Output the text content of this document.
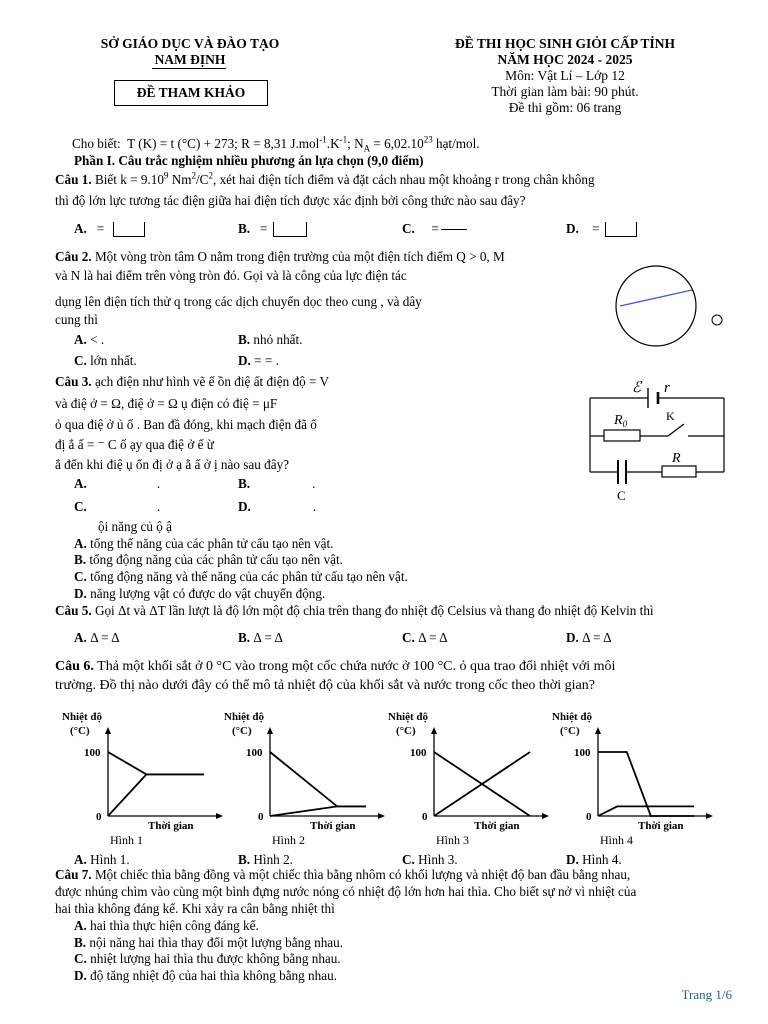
SỞ GIÁO DỤC VÀ ĐÀO TẠO
NAM ĐỊNH
ĐỀ THAM KHẢO
ĐỀ THI HỌC SINH GIỎI CẤP TỈNH
NĂM HỌC 2024 - 2025
Môn: Vật Lí – Lớp 12
Thời gian làm bài: 90 phút.
Đề thi gồm: 06 trang
Cho biết: T (K) = t (°C) + 273; R = 8,31 $J.mol^{-1}.K^{-1}$; $N_A = 6,02.10^{23}$ hạt/mol.
Phần I. Câu trắc nghiệm nhiều phương án lựa chọn (9,0 điểm)
Câu 1. Biết $k = 9.10^9$ $Nm^2/C^2$, xét hai điện tích điểm và đặt cách nhau một khoảng r trong chân không
thì độ lớn lực tương tác điện giữa hai điện tích được xác định bởi công thức nào sau đây?
A.   =	B.   =	C.     =	D.    =
Câu 2. Một vòng tròn tâm O nằm trong điện trường của một điện tích điểm Q > 0, M
và N là hai điểm trên vòng tròn đó. Gọi và là công của lực điện tác
dụng lên điện tích thử q trong các dịch chuyển dọc theo cung , và dây
cung thì
A. < .	B. nhỏ nhất.
C. lớn nhất.	D. = = .
Câu 3. ạch điện như hình vẽ ế ồn điệ ất điện độ = V
và điệ ở = Ω, điệ ở = Ω ụ điện có điệ = μF
ỏ qua điệ ở ủ ố . Ban đầ đóng, khi mạch điện đã ổ
đị ắ ấ = ⁻ C ố ạy qua điệ ở ế ừ
ắ đến khi điệ ụ ổn đị ở ạ ằ ấ ở ị nào sau đây?
A.	.	B.	.
C.	.	D.	.
ℰ r
$R_0$
K
R
C
ội năng củ ộ ậ
A. tổng thế năng của các phân tử cấu tạo nên vật.
B. tổng động năng của các phân tử cấu tạo nên vật.
C. tổng động năng và thế năng của các phân tử cấu tạo nên vật.
D. năng lượng vật có được do vật chuyển động.
Câu 5. Gọi Δt và ΔT lần lượt là độ lớn một độ chia trên thang đo nhiệt độ Celsius và thang đo nhiệt độ Kelvin thì
A. Δ = Δ	B. Δ = Δ	C. Δ = Δ	D. Δ = Δ
Câu 6. Thả một khối sắt ở 0 °C vào trong một cốc chứa nước ở 100 °C. ỏ qua trao đổi nhiệt với môi
trường. Đồ thị nào dưới đây có thể mô tả nhiệt độ của khối sắt và nước trong cốc theo thời gian?
Nhiệt độ
(°C)
100
0
Thời gian
Hình 1
Nhiệt độ
(°C)
100
0
Thời gian
Hình 2
Nhiệt độ
(°C)
100
0
Thời gian
Hình 3
Nhiệt độ
(°C)
100
0
Thời gian
Hình 4
A. Hình 1.	B. Hình 2.	C. Hình 3.	D. Hình 4.
Câu 7. Một chiếc thìa bằng đồng và một chiếc thìa bằng nhôm có khối lượng và nhiệt độ ban đầu bằng nhau,
được nhúng chìm vào cùng một bình đựng nước nóng có nhiệt độ lớn hơn hai thìa. Cho biết sự nở vì nhiệt của
hai thìa không đáng kể. Khi xảy ra cân bằng nhiệt thì
A. hai thìa thực hiện công đáng kể.
B. nội năng hai thìa thay đổi một lượng bằng nhau.
C. nhiệt lượng hai thìa thu được không bằng nhau.
D. độ tăng nhiệt độ của hai thìa không bằng nhau.
Trang 1/6
